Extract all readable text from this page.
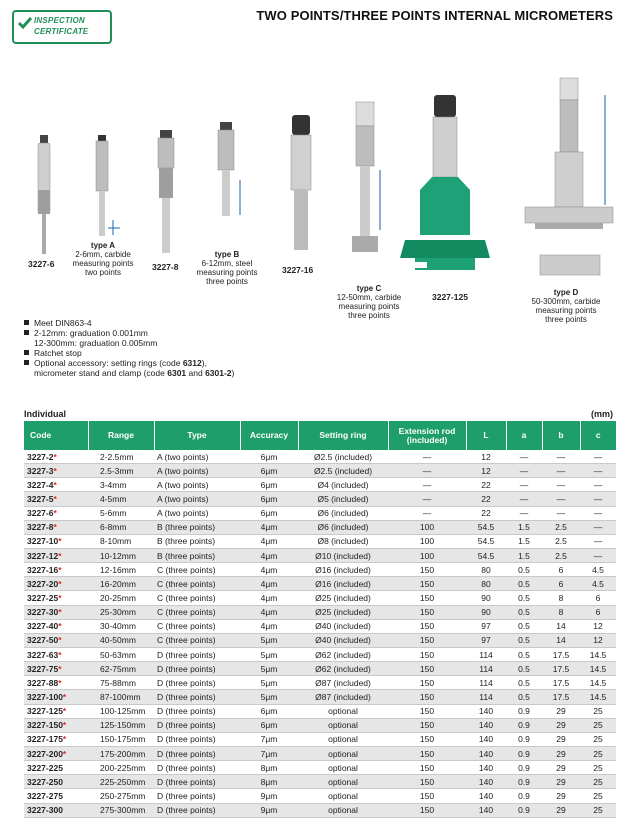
INSPECTION
CERTIFICATE
TWO POINTS/THREE POINTS INTERNAL MICROMETERS
3227-6
type A
2-6mm, carbide
measuring points
two points
3227-8
type B
6-12mm, steel
measuring points
three points
3227-16
type C
12-50mm, carbide
measuring points
three points
3227-125	type D
50-300mm, carbide
measuring points
three points
Meet DIN863-4
2-12mm: graduation 0.001mm
12-300mm: graduation 0.005mm
Ratchet stop
Optional accessory: setting rings (code 6312),
micrometer stand and clamp (code 6301 and 6301-2)
Individual	(mm)
Code	Range	Type	Accuracy	Setting ring	Extension rod (included)	L	a	b	c
3227-2*	2-2.5mm	A (two points)	6μm	Ø2.5 (included)	—	12	—	—	—
3227-3*	2.5-3mm	A (two points)	6μm	Ø2.5 (included)	—	12	—	—	—
3227-4*	3-4mm	A (two points)	6μm	Ø4 (included)	—	22	—	—	—
3227-5*	4-5mm	A (two points)	6μm	Ø5 (included)	—	22	—	—	—
3227-6*	5-6mm	A (two points)	6μm	Ø6 (included)	—	22	—	—	—
3227-8*	6-8mm	B (three points)	4μm	Ø6 (included)	100	54.5	1.5	2.5	—
3227-10*	8-10mm	B (three points)	4μm	Ø8 (included)	100	54.5	1.5	2.5	—
3227-12*	10-12mm	B (three points)	4μm	Ø10 (included)	100	54.5	1.5	2.5	—
3227-16*	12-16mm	C (three points)	4μm	Ø16 (included)	150	80	0.5	6	4.5
3227-20*	16-20mm	C (three points)	4μm	Ø16 (included)	150	80	0.5	6	4.5
3227-25*	20-25mm	C (three points)	4μm	Ø25 (included)	150	90	0.5	8	6
3227-30*	25-30mm	C (three points)	4μm	Ø25 (included)	150	90	0.5	8	6
3227-40*	30-40mm	C (three points)	4μm	Ø40 (included)	150	97	0.5	14	12
3227-50*	40-50mm	C (three points)	5μm	Ø40 (included)	150	97	0.5	14	12
3227-63*	50-63mm	D (three points)	5μm	Ø62 (included)	150	114	0.5	17.5	14.5
3227-75*	62-75mm	D (three points)	5μm	Ø62 (included)	150	114	0.5	17.5	14.5
3227-88*	75-88mm	D (three points)	5μm	Ø87 (included)	150	114	0.5	17.5	14.5
3227-100*	87-100mm	D (three points)	5μm	Ø87 (included)	150	114	0.5	17.5	14.5
3227-125*	100-125mm	D (three points)	6μm	optional	150	140	0.9	29	25
3227-150*	125-150mm	D (three points)	6μm	optional	150	140	0.9	29	25
3227-175*	150-175mm	D (three points)	7μm	optional	150	140	0.9	29	25
3227-200*	175-200mm	D (three points)	7μm	optional	150	140	0.9	29	25
3227-225	200-225mm	D (three points)	8μm	optional	150	140	0.9	29	25
3227-250	225-250mm	D (three points)	8μm	optional	150	140	0.9	29	25
3227-275	250-275mm	D (three points)	9μm	optional	150	140	0.9	29	25
3227-300	275-300mm	D (three points)	9μm	optional	150	140	0.9	29	25
